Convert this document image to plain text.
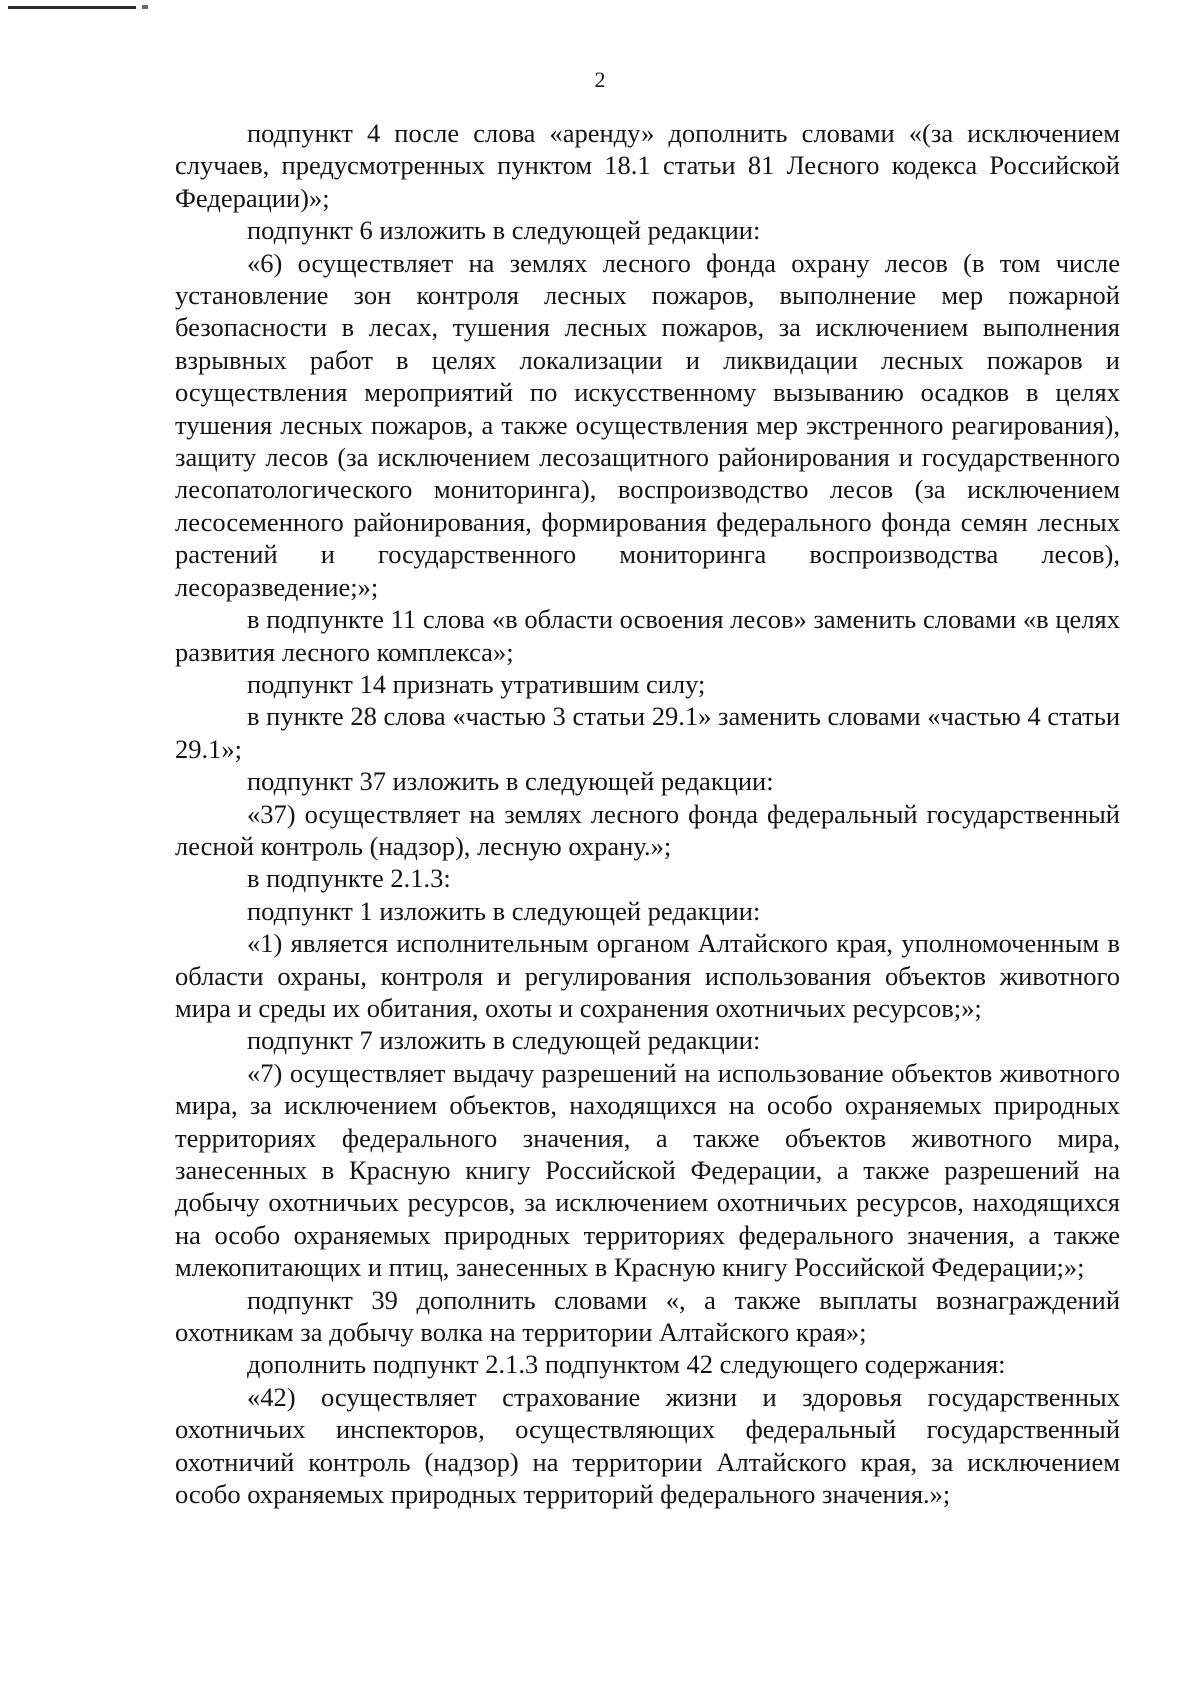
2

подпункт 4 после слова «аренду» дополнить словами «(за исключением случаев, предусмотренных пунктом 18.1 статьи 81 Лесного кодекса Российской Федерации)»;

подпункт 6 изложить в следующей редакции:

«6) осуществляет на землях лесного фонда охрану лесов (в том числе установление зон контроля лесных пожаров, выполнение мер пожарной безопасности в лесах, тушения лесных пожаров, за исключением выполнения взрывных работ в целях локализации и ликвидации лесных пожаров и осуществления мероприятий по искусственному вызыванию осадков в целях тушения лесных пожаров, а также осуществления мер экстренного реагирования), защиту лесов (за исключением лесозащитного районирования и государственного лесопатологического мониторинга), воспроизводство лесов (за исключением лесосеменного районирования, формирования федерального фонда семян лесных растений и государственного мониторинга воспроизводства лесов), лесоразведение;»;

в подпункте 11 слова «в области освоения лесов» заменить словами «в целях развития лесного комплекса»;

подпункт 14 признать утратившим силу;

в пункте 28 слова «частью 3 статьи 29.1» заменить словами «частью 4 статьи 29.1»;

подпункт 37 изложить в следующей редакции:

«37) осуществляет на землях лесного фонда федеральный государственный лесной контроль (надзор), лесную охрану.»;

в подпункте 2.1.3:

подпункт 1 изложить в следующей редакции:

«1) является исполнительным органом Алтайского края, уполномоченным в области охраны, контроля и регулирования использования объектов животного мира и среды их обитания, охоты и сохранения охотничьих ресурсов;»;

подпункт 7 изложить в следующей редакции:

«7) осуществляет выдачу разрешений на использование объектов животного мира, за исключением объектов, находящихся на особо охраняемых природных территориях федерального значения, а также объектов животного мира, занесенных в Красную книгу Российской Федерации, а также разрешений на добычу охотничьих ресурсов, за исключением охотничьих ресурсов, находящихся на особо охраняемых природных территориях федерального значения, а также млекопитающих и птиц, занесенных в Красную книгу Российской Федерации;»;

подпункт 39 дополнить словами «, а также выплаты вознаграждений охотникам за добычу волка на территории Алтайского края»;

дополнить подпункт 2.1.3 подпунктом 42 следующего содержания:

«42) осуществляет страхование жизни и здоровья государственных охотничьих инспекторов, осуществляющих федеральный государственный охотничий контроль (надзор) на территории Алтайского края, за исключением особо охраняемых природных территорий федерального значения.»;
